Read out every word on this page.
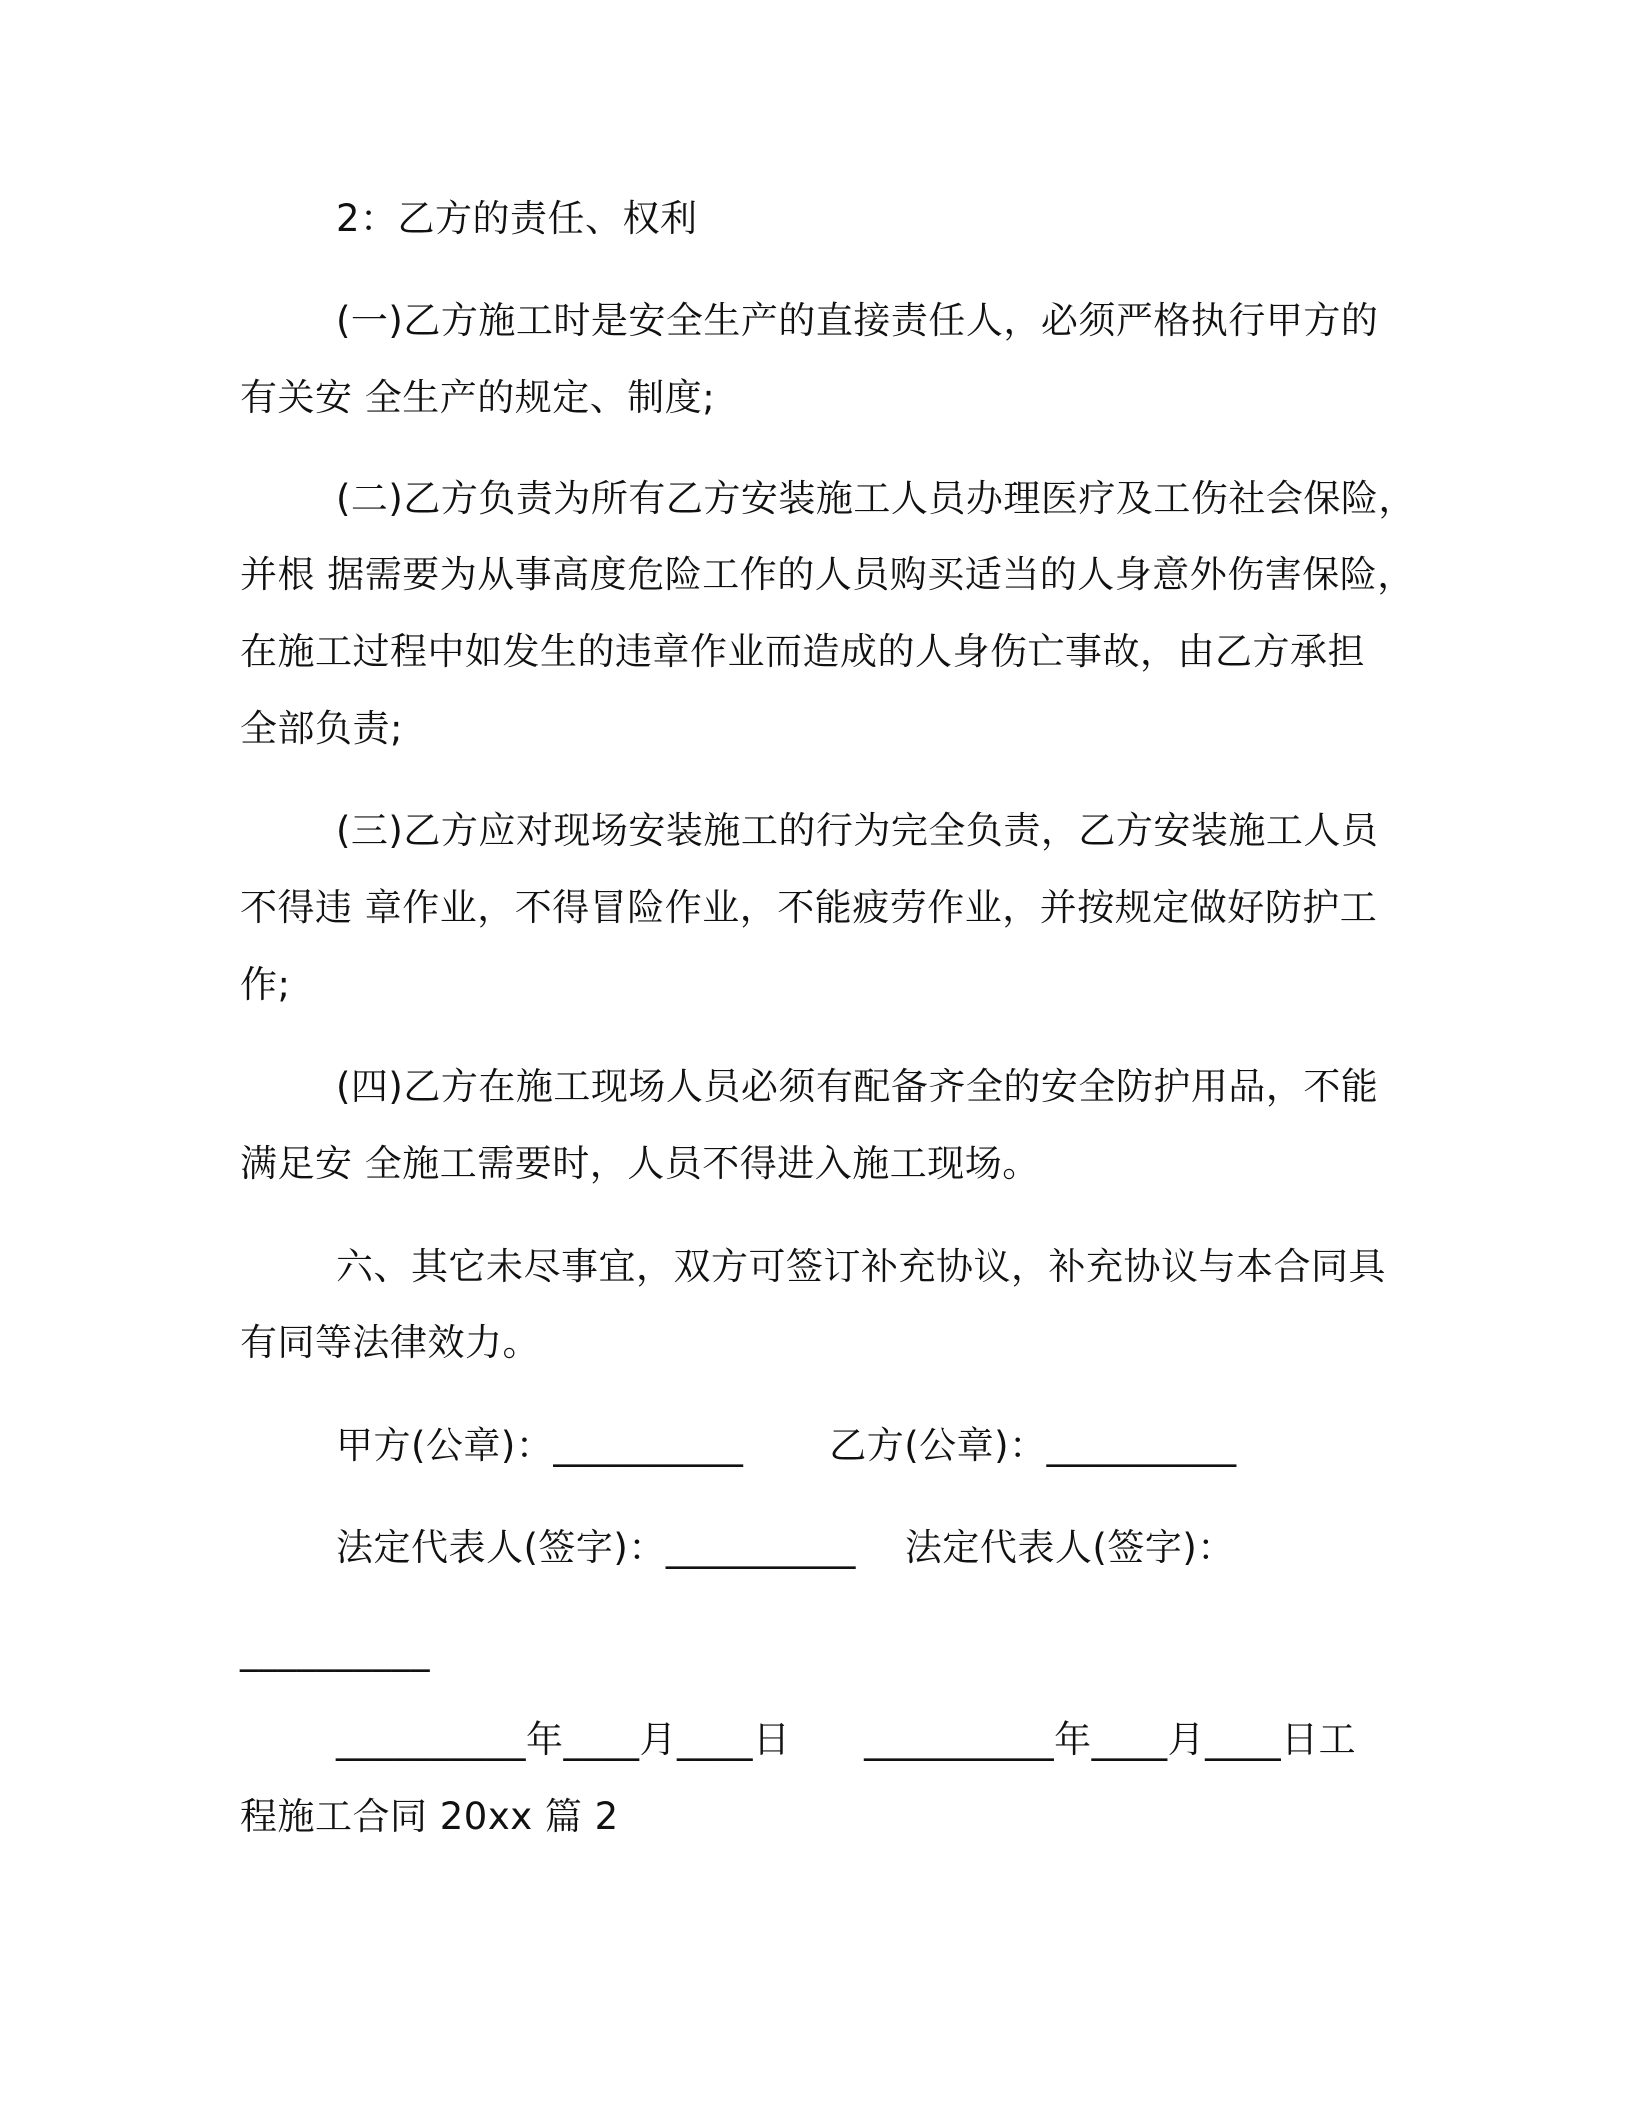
2：乙方的责任、权利
(一)乙方施工时是安全生产的直接责任人，必须严格执行甲方的
有关安 全生产的规定、制度;
(二)乙方负责为所有乙方安装施工人员办理医疗及工伤社会保险，
并根 据需要为从事高度危险工作的人员购买适当的人身意外伤害保险，
在施工过程中如发生的违章作业而造成的人身伤亡事故，由乙方承担
全部负责;
(三)乙方应对现场安装施工的行为完全负责，乙方安装施工人员
不得违 章作业，不得冒险作业，不能疲劳作业，并按规定做好防护工
作;
(四)乙方在施工现场人员必须有配备齐全的安全防护用品，不能
满足安 全施工需要时，人员不得进入施工现场。
六、其它未尽事宜，双方可签订补充协议，补充协议与本合同具
有同等法律效力。
甲方(公章)：__________       乙方(公章)：__________
法定代表人(签字)：__________    法定代表人(签字)：
__________
__________年____月____日      __________年____月____日工
程施工合同 20xx 篇 2
